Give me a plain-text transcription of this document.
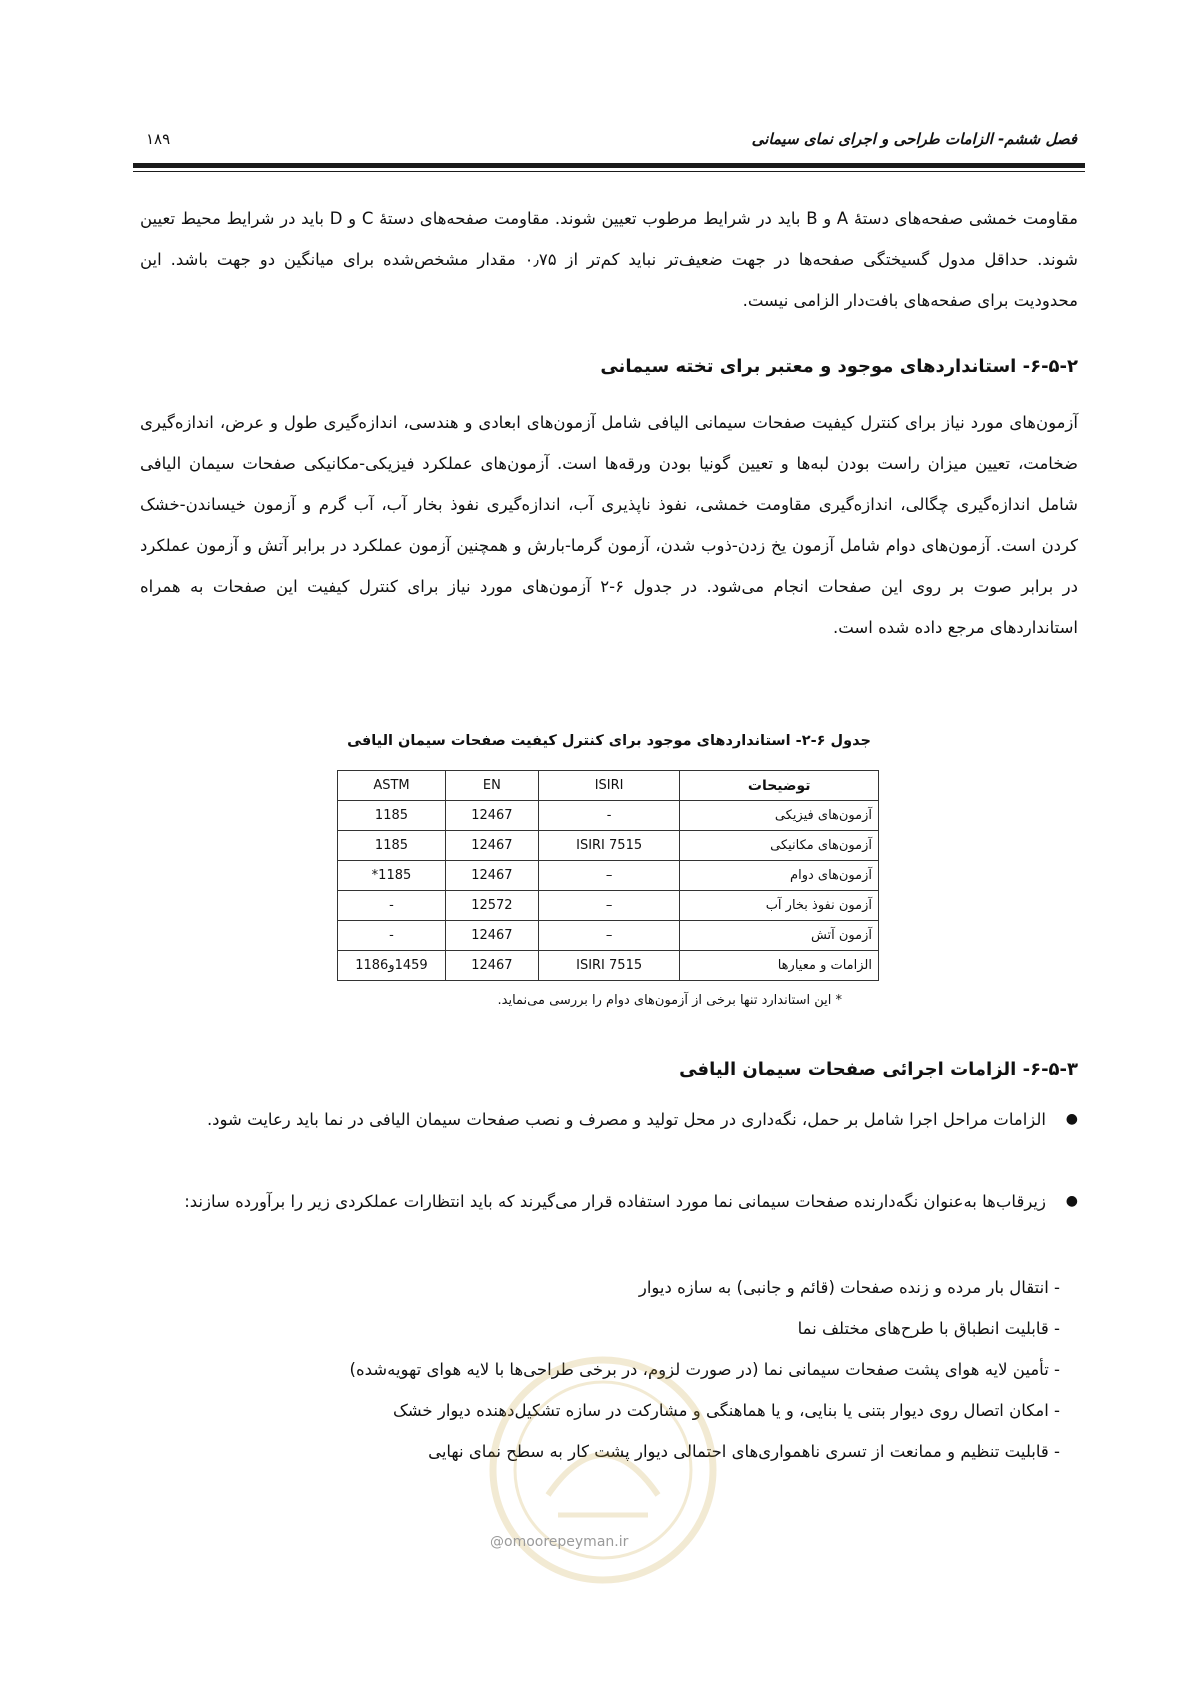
فصل ششم- الزامات طراحی و اجرای نمای سیمانی
۱۸۹
مقاومت خمشی صفحه‌های دستهٔ A و B باید در شرایط مرطوب تعیین شوند. مقاومت صفحه‌های دستهٔ C و D باید در شرایط محیط تعیین شوند. حداقل مدول گسیختگی صفحه‌ها در جهت ضعیف‌تر نباید کم‌تر از ۰٫۷۵ مقدار مشخص‌شده برای میانگین دو جهت باشد. این محدودیت برای صفحه‌های بافت‌دار الزامی نیست.
۶-۵-۲- استانداردهای موجود و معتبر برای تخته سیمانی
آزمون‌های مورد نیاز برای کنترل کیفیت صفحات سیمانی الیافی شامل آزمون‌های ابعادی و هندسی، اندازه‌گیری طول و عرض، اندازه‌گیری ضخامت، تعیین میزان راست بودن لبه‌ها و تعیین گونیا بودن ورقه‌ها است. آزمون‌های عملکرد فیزیکی-مکانیکی صفحات سیمان الیافی شامل اندازه‌گیری چگالی، اندازه‌گیری مقاومت خمشی، نفوذ ناپذیری آب، اندازه‌گیری نفوذ بخار آب، آب گرم و آزمون خیساندن-خشک کردن است. آزمون‌های دوام شامل آزمون یخ زدن-ذوب شدن، آزمون گرما-بارش و همچنین آزمون عملکرد در برابر آتش و آزمون عملکرد در برابر صوت بر روی این صفحات انجام می‌شود. در جدول ۶-۲ آزمون‌های مورد نیاز برای کنترل کیفیت این صفحات به همراه استانداردهای مرجع داده شده است.
جدول ۶-۲- استانداردهای موجود برای کنترل کیفیت صفحات سیمان الیافی
توضیحات	ISIRI	EN	ASTM
آزمون‌های فیزیکی	-	12467	1185
آزمون‌های مکانیکی	ISIRI 7515	12467	1185
آزمون‌های دوام	–	12467	1185*
آزمون نفوذ بخار آب	–	12572	-
آزمون آتش	–	12467	-
الزامات و معیارها	ISIRI 7515	12467	1459و1186
* این استاندارد تنها برخی از آزمون‌های دوام را بررسی می‌نماید.
۶-۵-۳- الزامات اجرائی صفحات سیمان الیافی
●
الزامات مراحل اجرا شامل بر حمل، نگه‌داری در محل تولید و مصرف و نصب صفحات سیمان الیافی در نما باید رعایت شود.
●
زیرقاب‌ها به‌عنوان نگه‌دارنده صفحات سیمانی نما مورد استفاده قرار می‌گیرند که باید انتظارات عملکردی زیر را برآورده سازند:
- انتقال بار مرده و زنده صفحات (قائم و جانبی) به سازه دیوار
- قابلیت انطباق با طرح‌های مختلف نما
- تأمین لایه هوای پشت صفحات سیمانی نما (در صورت لزوم، در برخی طراحی‌ها با لایه هوای تهویه‌شده)
- امکان اتصال روی دیوار بتنی یا بنایی، و یا هماهنگی و مشارکت در سازه تشکیل‌دهنده دیوار خشک
- قابلیت تنظیم و ممانعت از تسری ناهمواری‌های احتمالی دیوار پشت کار به سطح نمای نهایی
@omoorepeyman.ir
